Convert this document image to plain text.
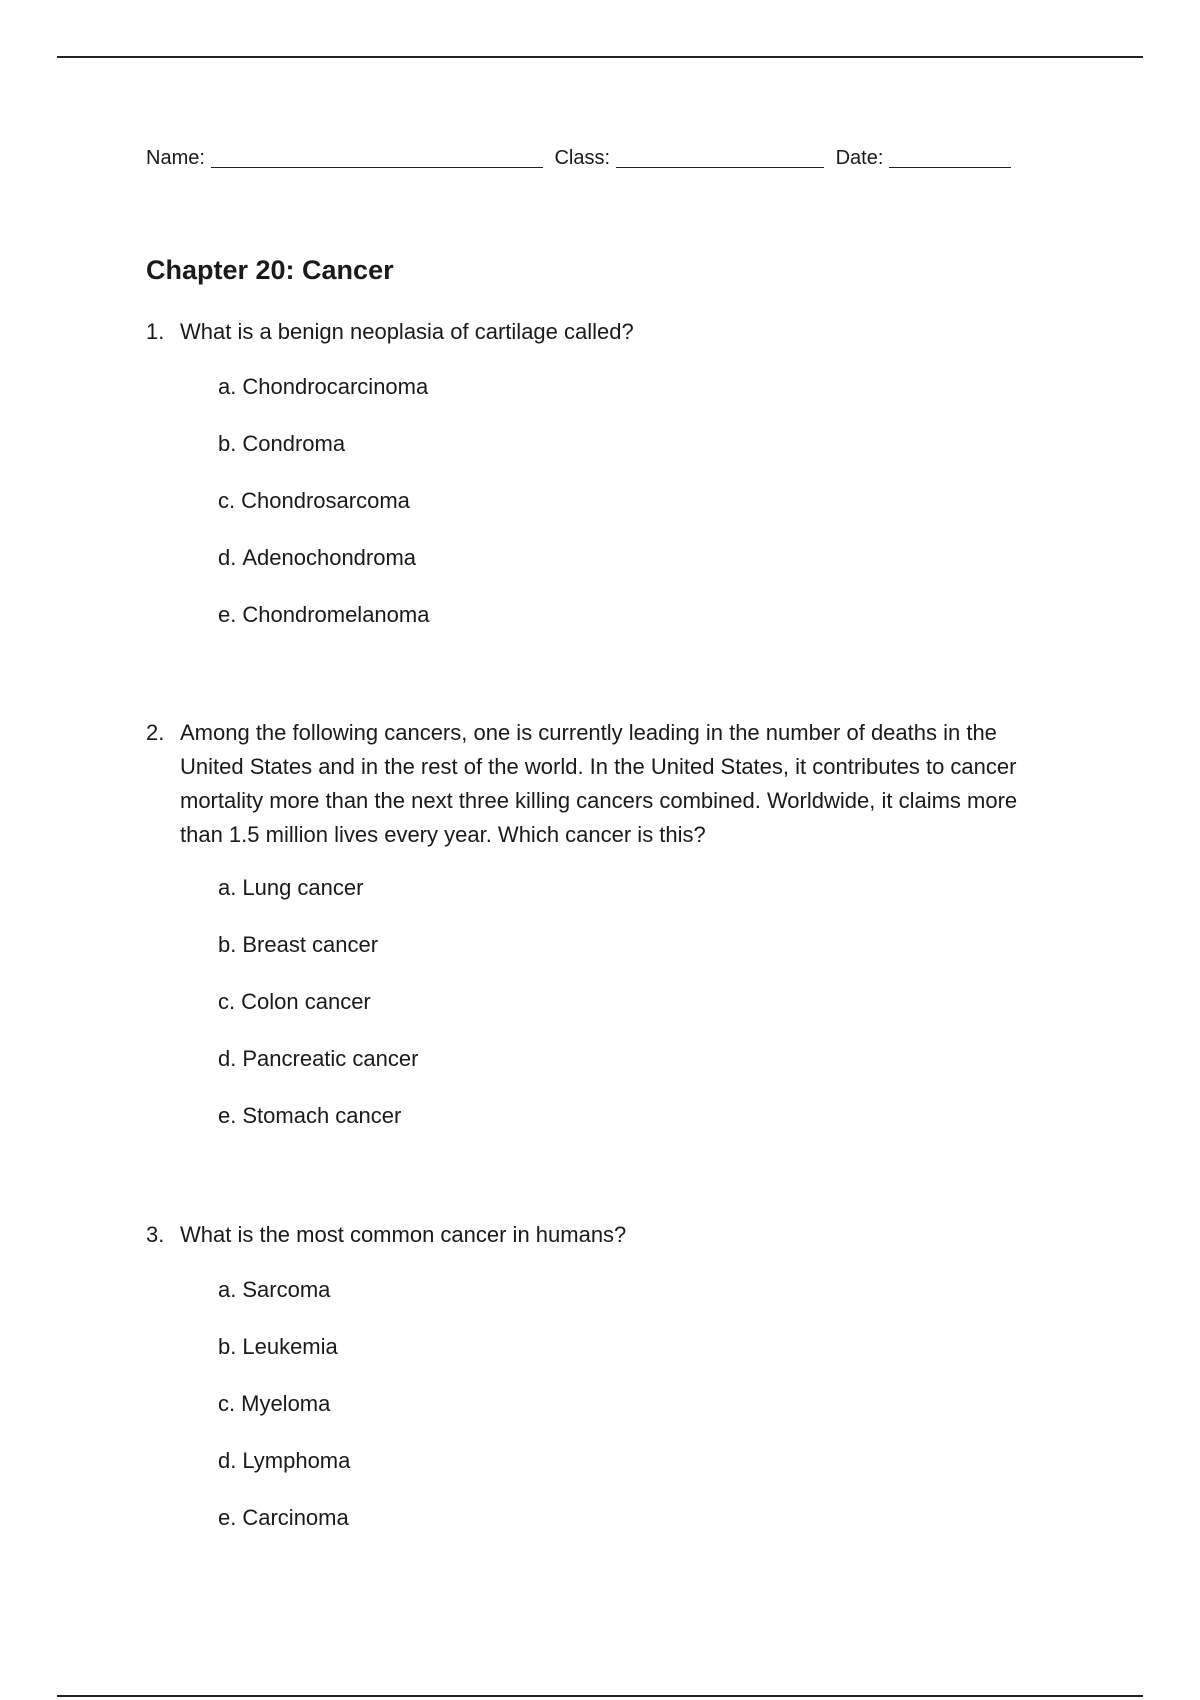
Name:	Class:	Date:
Chapter 20: Cancer
1. What is a benign neoplasia of cartilage called?
a. Chondrocarcinoma
b. Condroma
c. Chondrosarcoma
d. Adenochondroma
e. Chondromelanoma
2. Among the following cancers, one is currently leading in the number of deaths in the United States and in the rest of the world. In the United States, it contributes to cancer mortality more than the next three killing cancers combined. Worldwide, it claims more than 1.5 million lives every year. Which cancer is this?
a. Lung cancer
b. Breast cancer
c. Colon cancer
d. Pancreatic cancer
e. Stomach cancer
3. What is the most common cancer in humans?
a. Sarcoma
b. Leukemia
c. Myeloma
d. Lymphoma
e. Carcinoma
